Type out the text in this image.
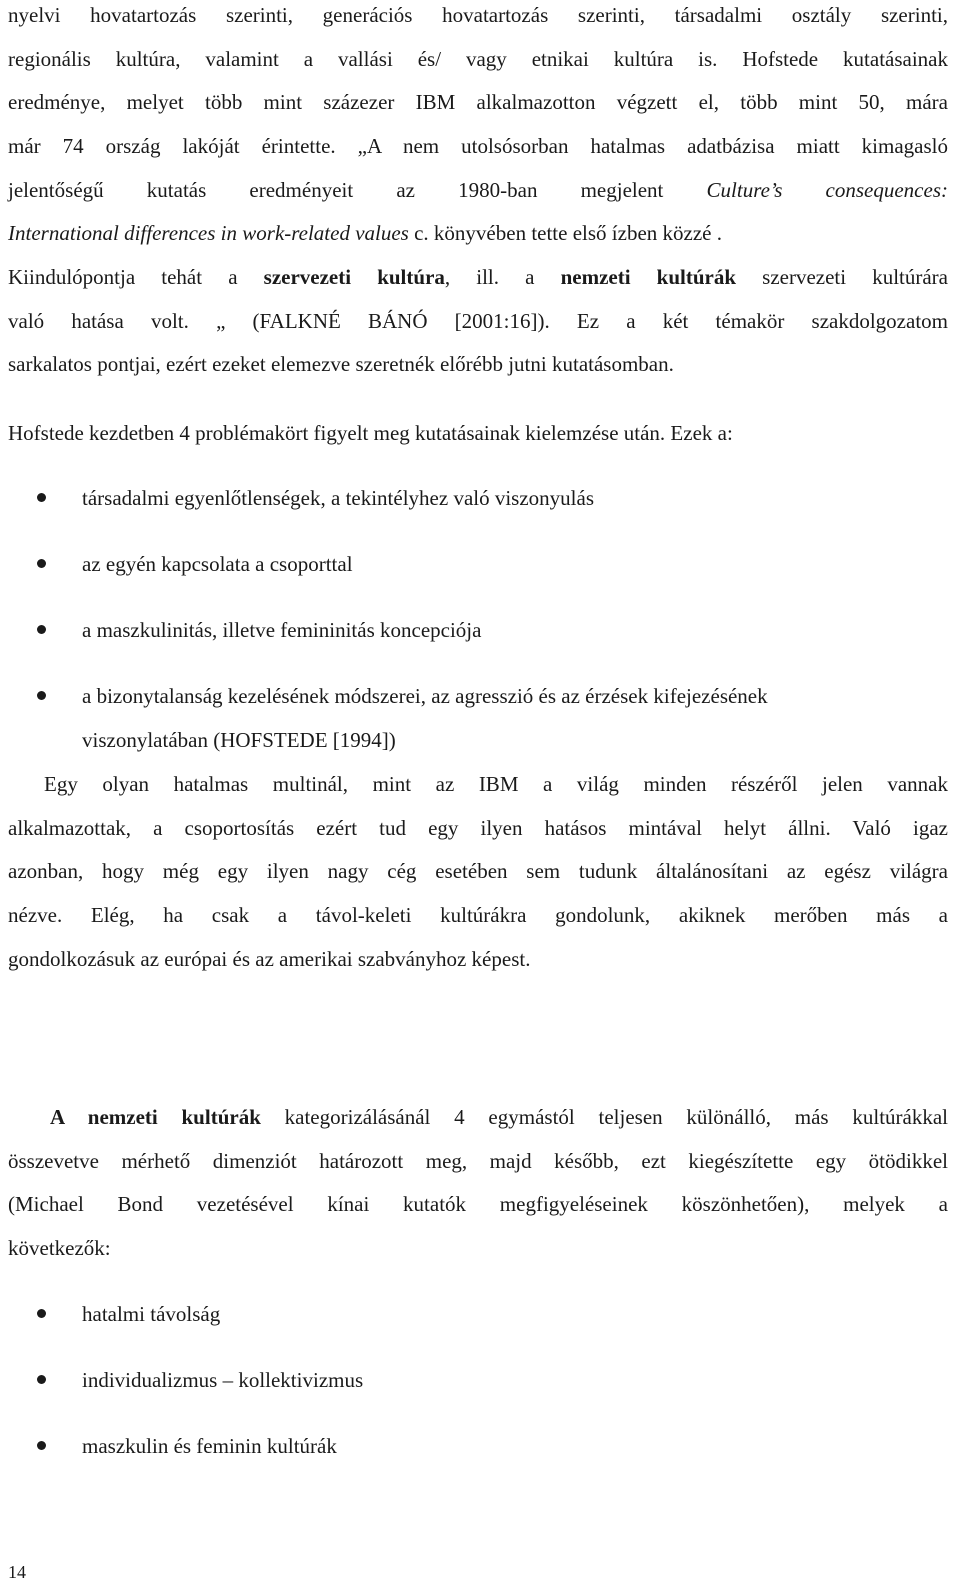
nyelvi hovatartozás szerinti, generációs hovatartozás szerinti, társadalmi osztály szerinti,
regionális kultúra, valamint a vallási és/ vagy etnikai kultúra is. Hofstede kutatásainak
eredménye, melyet több mint százezer IBM alkalmazotton végzett el, több mint 50, mára
már 74 ország lakóját érintette. „A nem utolsósorban hatalmas adatbázisa miatt kimagasló
jelentőségű kutatás eredményeit az 1980-ban megjelent Culture’s consequences:
International differences in work-related values c. könyvében tette első ízben közzé .
Kiindulópontja tehát a szervezeti kultúra, ill. a nemzeti kultúrák szervezeti kultúrára
való hatása volt. „ (FALKNÉ BÁNÓ [2001:16]). Ez a két témakör szakdolgozatom
sarkalatos pontjai, ezért ezeket elemezve szeretnék előrébb jutni kutatásomban.
Hofstede kezdetben 4 problémakört figyelt meg kutatásainak kielemzése után. Ezek a:
társadalmi egyenlőtlenségek, a tekintélyhez való viszonyulás
az egyén kapcsolata a csoporttal
a maszkulinitás, illetve femininitás koncepciója
a bizonytalanság kezelésének módszerei, az agresszió és az érzések kifejezésének
viszonylatában (HOFSTEDE [1994])
Egy olyan hatalmas multinál, mint az IBM a világ minden részéről jelen vannak
alkalmazottak, a csoportosítás ezért tud egy ilyen hatásos mintával helyt állni. Való igaz
azonban, hogy még egy ilyen nagy cég esetében sem tudunk általánosítani az egész világra
nézve. Elég, ha csak a távol-keleti kultúrákra gondolunk, akiknek merőben más a
gondolkozásuk az európai és az amerikai szabványhoz képest.
A nemzeti kultúrák kategorizálásánál 4 egymástól teljesen különálló, más kultúrákkal
összevetve mérhető dimenziót határozott meg, majd később, ezt kiegészítette egy ötödikkel
(Michael Bond vezetésével kínai kutatók megfigyeléseinek köszönhetően), melyek a
következők:
hatalmi távolság
individualizmus – kollektivizmus
maszkulin és feminin kultúrák
14
